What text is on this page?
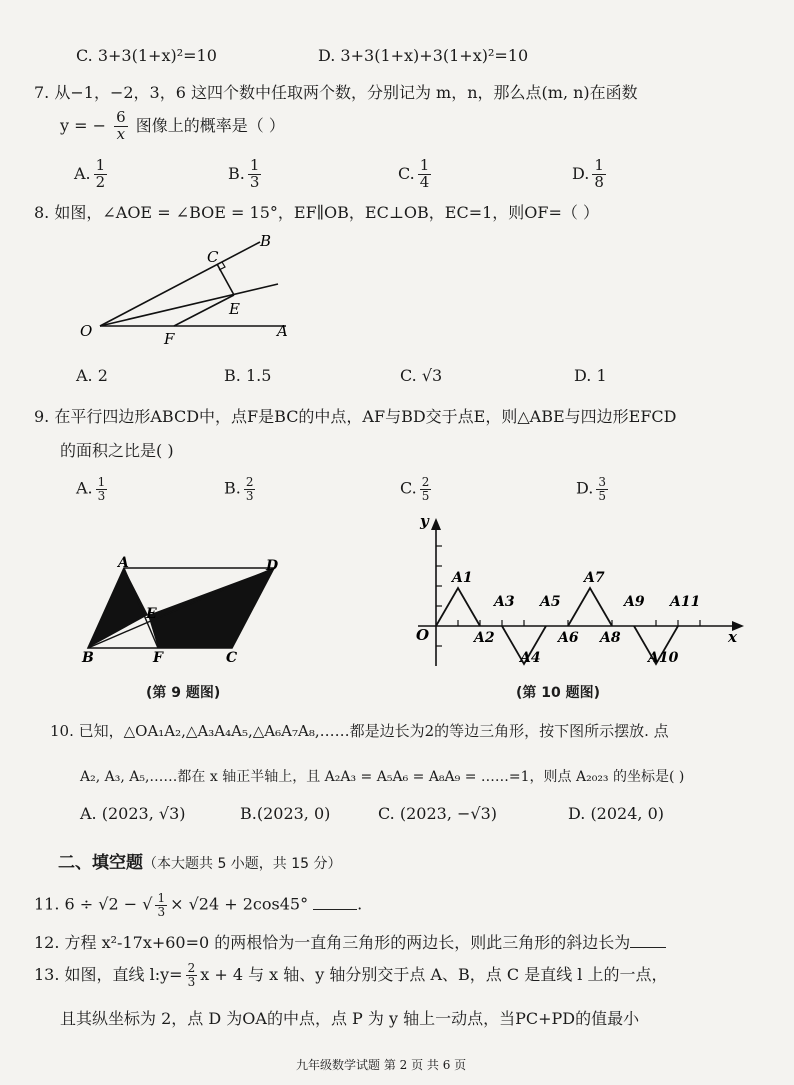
C. 3+3(1+x)²=10	D. 3+3(1+x)+3(1+x)²=10
7. 从−1，−2，3，6 这四个数中任取两个数，分别记为 m，n，那么点(m, n)在函数
y = − $\frac{6}{x}$ 图像上的概率是（ ）
A. $\frac{1}{2}$	B. $\frac{1}{3}$	C. $\frac{1}{4}$	D. $\frac{1}{8}$
8. 如图，∠AOE = ∠BOE = 15°，EF∥OB，EC⊥OB，EC=1，则OF=（ ）
B
C
E
O	F	A
A. 2	B. 1.5	C. √3	D. 1
9. 在平行四边形ABCD中，点F是BC的中点，AF与BD交于点E，则△ABE与四边形EFCD
的面积之比是( )
A. $\frac{1}{3}$	B. $\frac{2}{3}$	C. $\frac{2}{5}$	D. $\frac{3}{5}$
A	D
E
B	F	C
(第 9 题图)
y
x
O
A1
A2
A3
A4
A5
A6
A7
A8
A9
A10
A11
(第 10 题图)
10. 已知，△OA₁A₂,△A₃A₄A₅,△A₆A₇A₈,……都是边长为2的等边三角形，按下图所示摆放. 点
A₂, A₃, A₅,……都在 x 轴正半轴上，且 A₂A₃ = A₅A₆ = A₈A₉ = ……=1，则点 A₂₀₂₃ 的坐标是( )
A. (2023, √3)	B.(2023, 0)	C. (2023, −√3)	D. (2024, 0)
二、填空题（本大题共 5 小题，共 15 分）
11. 6 ÷ √2 − √ $\frac{1}{3} \times √24 + 2\cos 45^\circ$	.
12. 方程 x²-17x+60=0 的两根恰为一直角三角形的两边长，则此三角形的斜边长为
13. 如图，直线 l:y= $\frac{2}{3}$ x + 4 与 x 轴、y 轴分别交于点 A、B，点 C 是直线 l 上的一点，
且其纵坐标为 2，点 D 为OA的中点，点 P 为 y 轴上一动点，当PC+PD的值最小
九年级数学试题 第 2 页 共 6 页
